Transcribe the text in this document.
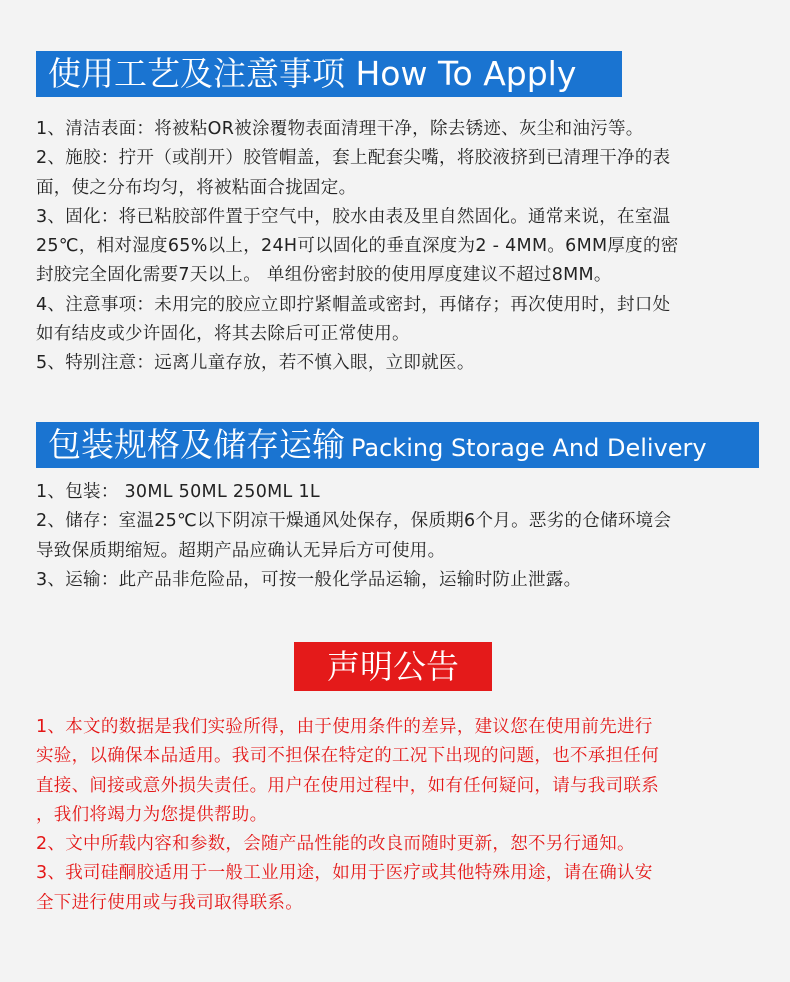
使用工艺及注意事项 How To Apply
1、清洁表面：将被粘OR被涂覆物表面清理干净，除去锈迹、灰尘和油污等。
2、施胶：拧开（或削开）胶管帽盖，套上配套尖嘴，将胶液挤到已清理干净的表
面，使之分布均匀，将被粘面合拢固定。
3、固化：将已粘胶部件置于空气中，胶水由表及里自然固化。通常来说，在室温
25℃，相对湿度65%以上，24H可以固化的垂直深度为2 - 4MM。6MM厚度的密
封胶完全固化需要7天以上。 单组份密封胶的使用厚度建议不超过8MM。
4、注意事项：未用完的胶应立即拧紧帽盖或密封，再储存；再次使用时，封口处
如有结皮或少许固化，将其去除后可正常使用。
5、特别注意：远离儿童存放，若不慎入眼，立即就医。
包装规格及储存运输 Packing Storage And Delivery
1、包装： 30ML 50ML 250ML 1L
2、储存：室温25℃以下阴凉干燥通风处保存，保质期6个月。恶劣的仓储环境会
导致保质期缩短。超期产品应确认无异后方可使用。
3、运输：此产品非危险品，可按一般化学品运输，运输时防止泄露。
声明公告
1、本文的数据是我们实验所得，由于使用条件的差异，建议您在使用前先进行
实验，以确保本品适用。我司不担保在特定的工况下出现的问题，也不承担任何
直接、间接或意外损失责任。用户在使用过程中，如有任何疑问，请与我司联系
，我们将竭力为您提供帮助。
2、文中所载内容和参数，会随产品性能的改良而随时更新，恕不另行通知。
3、我司硅酮胶适用于一般工业用途，如用于医疗或其他特殊用途，请在确认安
全下进行使用或与我司取得联系。
